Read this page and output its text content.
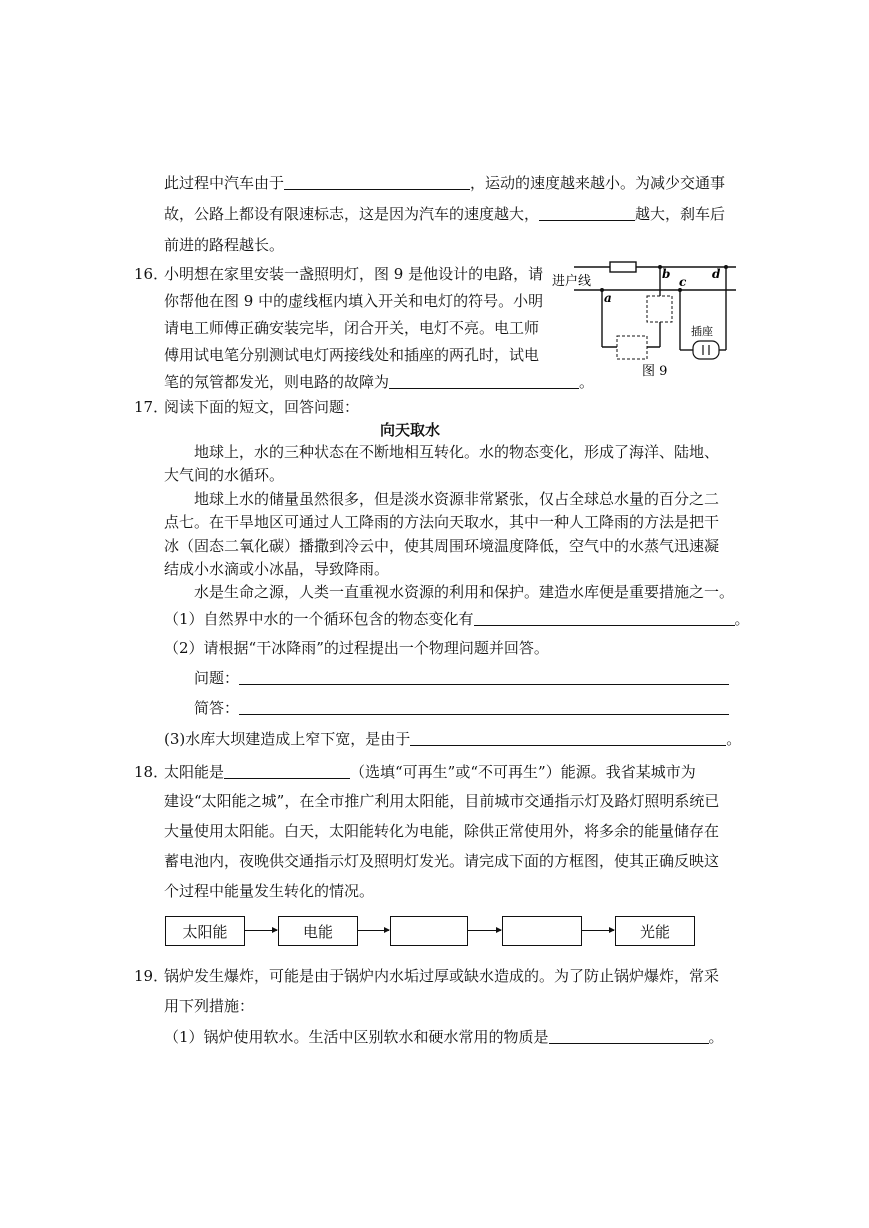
此过程中汽车由于	，运动的速度越来越小。为减少交通事
故，公路上都设有限速标志，这是因为汽车的速度越大，	越大，刹车后
前进的路程越长。
16．
小明想在家里安装一盏照明灯，图 9 是他设计的电路，请
你帮他在图 9 中的虚线框内填入开关和电灯的符号。小明
请电工师傅正确安装完毕，闭合开关，电灯不亮。电工师
傅用试电笔分别测试电灯两接线处和插座的两孔时，试电
笔的氖管都发光，则电路的故障为	。
进户线
a
b
c
d
插座
图 9
17．
阅读下面的短文，回答问题：
向天取水
地球上，水的三种状态在不断地相互转化。水的物态变化，形成了海洋、陆地、
大气间的水循环。
地球上水的储量虽然很多，但是淡水资源非常紧张，仅占全球总水量的百分之二
点七。在干旱地区可通过人工降雨的方法向天取水，其中一种人工降雨的方法是把干
冰（固态二氧化碳）播撒到冷云中，使其周围环境温度降低，空气中的水蒸气迅速凝
结成小水滴或小冰晶，导致降雨。
水是生命之源，人类一直重视水资源的利用和保护。建造水库便是重要措施之一。
（1）自然界中水的一个循环包含的物态变化有	。
（2）请根据“干冰降雨”的过程提出一个物理问题并回答。
问题：
简答：
(3)水库大坝建造成上窄下宽，是由于	。
18．
太阳能是	（选填“可再生”或“不可再生”）能源。我省某城市为
建设“太阳能之城”，在全市推广利用太阳能，目前城市交通指示灯及路灯照明系统已
大量使用太阳能。白天，太阳能转化为电能，除供正常使用外，将多余的能量储存在
蓄电池内，夜晚供交通指示灯及照明灯发光。请完成下面的方框图，使其正确反映这
个过程中能量发生转化的情况。
太阳能	电能	光能
19．
锅炉发生爆炸，可能是由于锅炉内水垢过厚或缺水造成的。为了防止锅炉爆炸，常采
用下列措施：
（1）锅炉使用软水。生活中区别软水和硬水常用的物质是	。
